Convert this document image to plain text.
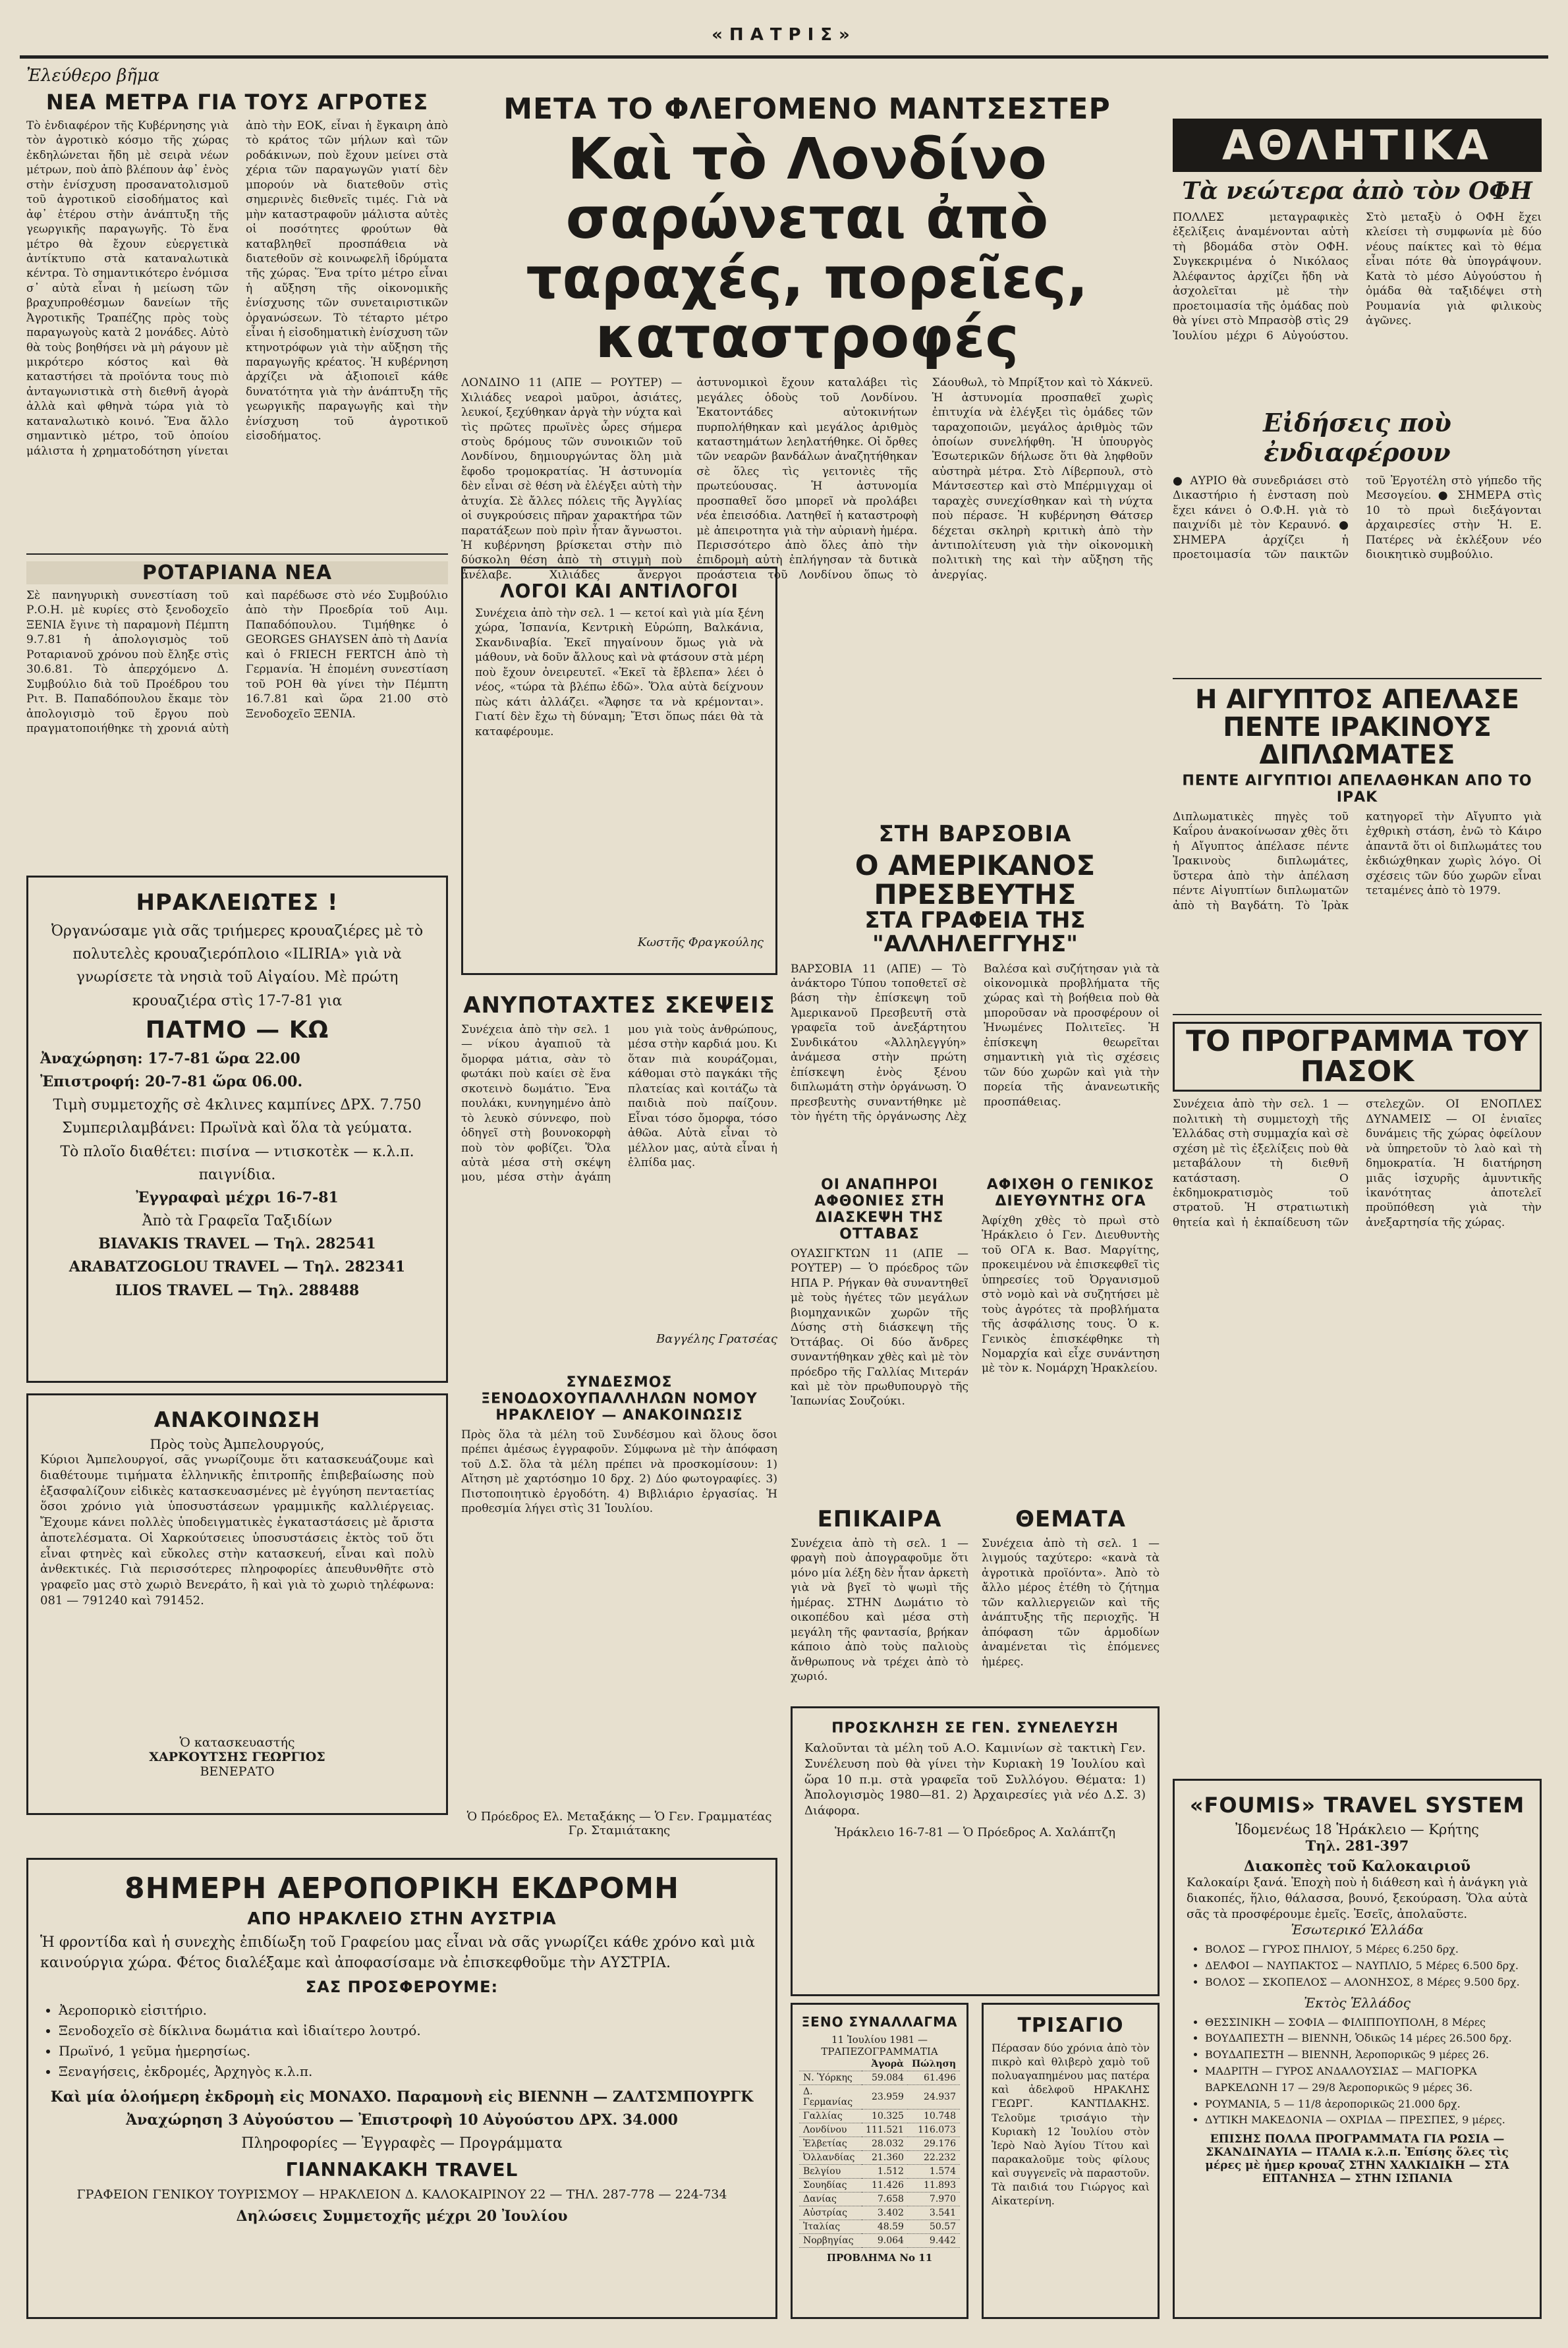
«ΠΑΤΡΙΣ»
Ἐλεύθερο βῆμα
ΝΕΑ ΜΕΤΡΑ ΓΙΑ ΤΟΥΣ ΑΓΡΟΤΕΣ
Τὸ ἐνδιαφέρον τῆς Κυβέρνησης γιὰ τὸν ἀγροτικὸ κόσμο τῆς χώρας ἐκδηλώνεται ἤδη μὲ σειρὰ νέων μέτρων, ποὺ ἀπὸ βλέπουν ἀφ᾿ ἑνὸς στὴν ἐνίσχυση προσανατολισμοῦ τοῦ ἀγροτικοῦ εἰσοδήματος καὶ ἀφ᾿ ἑτέρου στὴν ἀνάπτυξη τῆς γεωργικῆς παραγωγῆς. Τὸ ἕνα μέτρο θὰ ἔχουν εὐεργετικὰ ἀντίκτυπο στὰ καταναλωτικὰ κέντρα. Τὸ σημαντικότερο ἐνόμισα σ᾿ αὐτὰ εἶναι ἡ μείωση τῶν βραχυπροθέσμων δανείων τῆς Ἀγροτικῆς Τραπέζης πρὸς τοὺς παραγωγοὺς κατὰ 2 μονάδες. Αὐτὸ θὰ τοὺς βοηθήσει νὰ μὴ ράγουν μὲ μικρότερο κόστος καὶ θὰ καταστήσει τὰ προϊόντα τους πιὸ ἀνταγωνιστικὰ στὴ διεθνῆ ἀγορὰ ἀλλὰ καὶ φθηνὰ τώρα γιὰ τὸ καταναλωτικὸ κοινό. Ἕνα ἄλλο σημαντικὸ μέτρο, τοῦ ὁποίου μάλιστα ἡ χρηματοδότηση γίνεται ἀπὸ τὴν ΕΟΚ, εἶναι ἡ ἔγκαιρη ἀπὸ τὸ κράτος τῶν μήλων καὶ τῶν ροδάκινων, ποὺ ἔχουν μείνει στὰ χέρια τῶν παραγωγῶν γιατί δὲν μπορούν νὰ διατεθοῦν στὶς σημερινὲς διεθνεῖς τιμές. Γιὰ νὰ μὴν καταστραφοῦν μάλιστα αὐτὲς οἱ ποσότητες φρούτων θὰ καταβληθεῖ προσπάθεια νὰ διατεθοῦν σὲ κοινωφελῆ ἱδρύματα τῆς χώρας. Ἕνα τρίτο μέτρο εἶναι ἡ αὔξηση τῆς οἰκονομικῆς ἐνίσχυσης τῶν συνεταιριστικῶν ὀργανώσεων. Τὸ τέταρτο μέτρο εἶναι ἡ εἰσοδηματικὴ ἐνίσχυση τῶν κτηνοτρόφων γιὰ τὴν αὔξηση τῆς παραγωγῆς κρέατος. Ἡ κυβέρνηση ἀρχίζει νὰ ἀξιοποιεῖ κάθε δυνατότητα γιὰ τὴν ἀνάπτυξη τῆς γεωργικῆς παραγωγῆς καὶ τὴν ἐνίσχυση τοῦ ἀγροτικοῦ εἰσοδήματος.
ΡΟΤΑΡΙΑΝΑ ΝΕΑ
Σὲ πανηγυρικὴ συνεστίαση τοῦ Ρ.Ο.Η. μὲ κυρίες στὸ ξενοδοχεῖο ΞΕΝΙΑ ἔγινε τὴ παραμονὴ Πέμπτη 9.7.81 ἡ ἀπολογισμὸς τοῦ Ροταριανοῦ χρόνου ποὺ ἔληξε στὶς 30.6.81. Τὸ ἀπερχόμενο Δ. Συμβούλιο διὰ τοῦ Προέδρου του Ριτ. Β. Παπαδόπουλου ἔκαμε τὸν ἀπολογισμὸ τοῦ ἔργου ποὺ πραγματοποιήθηκε τὴ χρονιά αὐτὴ καὶ παρέδωσε στὸ νέο Συμβούλιο ἀπὸ τὴν Προεδρία τοῦ Αιμ. Παπαδόπουλου. Τιμήθηκε ὁ GEORGES GHAYSEN ἀπὸ τὴ Δανία καὶ ὁ FRIECH FERTCH ἀπὸ τὴ Γερμανία. Ἡ ἐπομένη συνεστίαση τοῦ ΡΟΗ θὰ γίνει τὴν Πέμπτη 16.7.81 καὶ ὥρα 21.00 στὸ Ξενοδοχεῖο ΞΕΝΙΑ.
ΗΡΑΚΛΕΙΩΤΕΣ !
Ὀργανώσαμε γιὰ σᾶς τριήμερες κρουαζιέρες μὲ τὸ πολυτελὲς κρουαζιερόπλοιο «ILIRIA» γιὰ νὰ γνωρίσετε τὰ νησιὰ τοῦ Αἰγαίου. Μὲ πρώτη κρουαζιέρα στὶς 17-7-81 για
ΠΑΤΜΟ — ΚΩ
Ἀναχώρηση: 17-7-81 ὥρα 22.00
Ἐπιστροφή: 20-7-81 ὥρα 06.00.
Τιμὴ συμμετοχῆς σὲ 4κλινες καμπίνες ΔΡΧ. 7.750
Συμπεριλαμβάνει: Πρωϊνὰ καὶ ὅλα τὰ γεύματα.
Τὸ πλοῖο διαθέτει: πισίνα — ντισκοτὲκ — κ.λ.π. παιγνίδια.
Ἐγγραφαὶ μέχρι 16-7-81
Ἀπὸ τὰ Γραφεῖα Ταξιδίων
BIAVAKIS TRAVEL — Τηλ. 282541
ARABATZOGLOU TRAVEL — Τηλ. 282341
ILIOS TRAVEL — Τηλ. 288488
ΑΝΑΚΟΙΝΩΣΗ
Πρὸς τοὺς Ἀμπελουργούς,

Κύριοι Ἀμπελουργοί, σᾶς γνωρίζουμε ὅτι κατασκευάζουμε καὶ διαθέτουμε τιμήματα ἑλληνικῆς ἐπιτροπῆς ἐπιβεβαίωσης ποὺ ἑξασφαλίζουν εἰδικὲς κατασκευασμένες μὲ ἐγγύηση πενταετίας ὅσοι χρόνιο γιὰ ὑποσυστάσεων γραμμικῆς καλλιέργειας. Ἔχουμε κάνει πολλὲς ὑποδειγματικὲς ἐγκαταστάσεις μὲ ἄριστα ἀποτελέσματα. Οἱ Χαρκούτσειες ὑποσυστάσεις ἐκτὸς τοῦ ὅτι εἶναι φτηνὲς καὶ εὔκολες στὴν κατασκευή, εἶναι καὶ πολὺ ἀνθεκτικές. Γιὰ περισσότερες πληροφορίες ἀπευθυνθῆτε στὸ γραφεῖο μας στὸ χωριὸ Βενεράτο, ἢ καὶ γιὰ τὸ χωριὸ τηλέφωνα: 081 — 791240 καὶ 791452.

Ὁ κατασκευαστής
ΧΑΡΚΟΥΤΣΗΣ ΓΕΩΡΓΙΟΣ
ΒΕΝΕΡΑΤΟ
8ΗΜΕΡΗ ΑΕΡΟΠΟΡΙΚΗ ΕΚΔΡΟΜΗ
ΑΠΟ ΗΡΑΚΛΕΙΟ ΣΤΗΝ ΑΥΣΤΡΙΑ
Ἡ φροντίδα καὶ ἡ συνεχὴς ἐπιδίωξη τοῦ Γραφείου μας εἶναι νὰ σᾶς γνωρίζει κάθε χρόνο καὶ μιὰ καινούργια χώρα. Φέτος διαλέξαμε καὶ ἀποφασίσαμε νὰ ἐπισκεφθοῦμε τὴν ΑΥΣΤΡΙΑ.
ΣΑΣ ΠΡΟΣΦΕΡΟΥΜΕ:
• Ἀεροπορικὸ εἰσιτήριο.
• Ξενοδοχεῖο σὲ δίκλινα δωμάτια καὶ ἰδιαίτερο λουτρό.
• Πρωϊνό, 1 γεῦμα ἡμερησίως.
• Ξεναγήσεις, ἐκδρομές, Ἀρχηγὸς κ.λ.π.
Καὶ μία ὁλοήμερη ἐκδρομὴ εἰς ΜΟΝΑΧΟ. Παραμονὴ εἰς ΒΙΕΝΝΗ — ΖΑΛΤΣΜΠΟΥΡΓΚ
Ἀναχώρηση 3 Αὐγούστου — Ἐπιστροφὴ 10 Αὐγούστου ΔΡΧ. 34.000
Πληροφορίες — Ἐγγραφὲς — Προγράμματα
ΓΙΑΝΝΑΚΑΚΗ TRAVEL
ΓΡΑΦΕΙΟΝ ΓΕΝΙΚΟΥ ΤΟΥΡΙΣΜΟΥ — ΗΡΑΚΛΕΙΟΝ Δ. ΚΑΛΟΚΑΙΡΙΝΟΥ 22 — ΤΗΛ. 287-778 — 224-734
Δηλώσεις Συμμετοχῆς μέχρι 20 Ἰουλίου
ΜΕΤΑ ΤΟ ΦΛΕΓΟΜΕΝΟ ΜΑΝΤΣΕΣΤΕΡ
Καὶ τὸ Λονδίνο σαρώνεται ἀπὸ
ταραχές, πορεῖες, καταστροφές
ΛΟΝΔΙΝΟ 11 (ΑΠΕ — ΡΟΥΤΕΡ) — Χιλιάδες νεαροὶ μαῦροι, ἀσιάτες, λευκοί, ξεχύθηκαν ἀργὰ τὴν νύχτα καὶ τὶς πρῶτες πρωϊνὲς ὧρες σήμερα στοὺς δρόμους τῶν συνοικιῶν τοῦ Λονδίνου, δημιουργώντας ὅλη μιὰ ἔφοδο τρομοκρατίας. Ἡ ἀστυνομία δὲν εἶναι σὲ θέση νὰ ἐλέγξει αὐτὴ τὴν ἀτυχία. Σὲ ἄλλες πόλεις τῆς Ἀγγλίας οἱ συγκρούσεις πῆραν χαρακτήρα τῶν παρατάξεων ποὺ πρὶν ἦταν ἄγνωστοι. Ἡ κυβέρνηση βρίσκεται στὴν πιὸ δύσκολη θέση ἀπὸ τὴ στιγμὴ ποὺ ἀνέλαβε. Χιλιάδες ἄνεργοι ἀστυνομικοὶ ἔχουν καταλάβει τὶς μεγάλες ὁδοὺς τοῦ Λονδίνου. Ἐκατοντάδες αὐτοκινήτων πυρπολήθηκαν καὶ μεγάλος ἀριθμὸς καταστημάτων λεηλατήθηκε. Οἱ ὄρθες τῶν νεαρῶν βανδάλων ἀναζητήθηκαν σὲ ὅλες τὶς γειτονιὲς τῆς πρωτεύουσας. Ἡ ἀστυνομία προσπαθεῖ ὅσο μπορεῖ νὰ προλάβει νέα ἐπεισόδια. Λατηθεῖ ἡ καταστροφὴ μὲ ἀπειροτητα γιὰ τὴν αὐριανὴ ἡμέρα. Περισσότερο ἀπὸ ὅλες ἀπὸ τὴν ἐπιδρομὴ αὐτὴ ἐπλήγησαν τὰ δυτικὰ προάστεια τοῦ Λονδίνου ὅπως τὸ Σάουθωλ, τὸ Μπρίξτον καὶ τὸ Χάκνεϋ. Ἡ ἀστυνομία προσπαθεῖ χωρὶς ἐπιτυχία νὰ ἐλέγξει τὶς ὀμάδες τῶν ταραχοποιῶν, μεγάλος ἀριθμὸς τῶν ὁποίων συνελήφθη. Ἡ ὑπουργὸς Ἐσωτερικῶν δήλωσε ὅτι θὰ ληφθοῦν αὐστηρὰ μέτρα. Στὸ Λίβερπουλ, στὸ Μάντσεστερ καὶ στὸ Μπέρμιγχαμ οἱ ταραχὲς συνεχίσθηκαν καὶ τὴ νύχτα ποὺ πέρασε. Ἡ κυβέρνηση Θάτσερ δέχεται σκληρὴ κριτικὴ ἀπὸ τὴν ἀντιπολίτευση γιὰ τὴν οἰκονομικὴ πολιτικὴ της καὶ τὴν αὔξηση τῆς ἀνεργίας.
ΛΟΓΟΙ ΚΑΙ ΑΝΤΙΛΟΓΟΙ

Συνέχεια ἀπὸ τὴν σελ. 1 — κετοί καὶ γιὰ μία ξένη χώρα, Ἰσπανία, Κεντρικὴ Εὐρώπη, Βαλκάνια, Σκανδιναβία. Ἐκεῖ πηγαίνουν ὅμως γιὰ νὰ μάθουν, νὰ δοῦν ἄλλους καὶ νὰ φτάσουν στὰ μέρη ποὺ ἔχουν ὀνειρευτεῖ. «Ἐκεῖ τὰ ἔβλεπα» λέει ὁ νέος, «τώρα τὰ βλέπω ἐδῶ». Ὅλα αὐτὰ δείχνουν πὼς κάτι ἀλλάζει. «Ἄφησε τα νὰ κρέμονται». Γιατί δὲν ἔχω τὴ δύναμη; Ἔτσι ὅπως πάει θὰ τὰ καταφέρουμε.

Κωστῆς Φραγκούλης
ΣΤΗ ΒΑΡΣΟΒΙΑ
Ο ΑΜΕΡΙΚΑΝΟΣ ΠΡΕΣΒΕΥΤΗΣ
ΣΤΑ ΓΡΑΦΕΙΑ ΤΗΣ "ΑΛΛΗΛΕΓΓΥΗΣ"
ΒΑΡΣΟΒΙΑ 11 (ΑΠΕ) — Τὸ ἀνάκτορο Τύπου τοποθετεῖ σὲ βάση τὴν ἐπίσκεψη τοῦ Ἀμερικανοῦ Πρεσβευτῆ στὰ γραφεῖα τοῦ ἀνεξάρτητου Συνδικάτου «Ἀλληλεγγύη» ἀνάμεσα στὴν πρώτη ἐπίσκεψη ἑνὸς ξένου διπλωμάτη στὴν ὀργάνωση. Ὁ πρεσβευτὴς συναντήθηκε μὲ τὸν ἡγέτη τῆς ὀργάνωσης Λὲχ Βαλέσα καὶ συζήτησαν γιὰ τὰ οἰκονομικὰ προβλήματα τῆς χώρας καὶ τὴ βοήθεια ποὺ θὰ μποροῦσαν νὰ προσφέρουν οἱ Ἡνωμένες Πολιτεῖες. Ἡ ἐπίσκεψη θεωρεῖται σημαντικὴ γιὰ τὶς σχέσεις τῶν δύο χωρῶν καὶ γιὰ τὴν πορεία τῆς ἀνανεωτικῆς προσπάθειας.
ΑΝΥΠΟΤΑΧΤΕΣ ΣΚΕΨΕΙΣ
Συνέχεια ἀπὸ τὴν σελ. 1 — νίκου ἀγαπιοῦ τὰ ὄμορφα μάτια, σὰν τὸ φωτάκι ποὺ καίει σὲ ἕνα σκοτεινὸ δωμάτιο. Ἔνα πουλάκι, κυνηγημένο ἀπὸ τὸ λευκὸ σύννεφο, ποὺ ὁδηγεῖ στὴ βουνοκορφὴ ποὺ τὸν φοβίζει. Ὅλα αὐτὰ μέσα στὴ σκέψη μου, μέσα στὴν ἀγάπη μου γιὰ τοὺς ἀνθρώπους, μέσα στὴν καρδιά μου. Κι ὅταν πιὰ κουράζομαι, κάθομαι στὸ παγκάκι τῆς πλατείας καὶ κοιτάζω τὰ παιδιὰ ποὺ παίζουν. Εἶναι τόσο ὄμορφα, τόσο ἀθῶα. Αὐτὰ εἶναι τὸ μέλλον μας, αὐτὰ εἶναι ἡ ἐλπίδα μας.
Βαγγέλης Γρατσέας
ΟΙ ΑΝΑΠΗΡΟΙ ΑΦΘΟΝΙΕΣ ΣΤΗ ΔΙΑΣΚΕΨΗ ΤΗΣ ΟΤΤΑΒΑΣ

ΟΥΑΣΙΓΚΤΩΝ 11 (ΑΠΕ — ΡΟΥΤΕΡ) — Ὁ πρόεδρος τῶν ΗΠΑ Ρ. Ρήγκαν θὰ συναντηθεῖ μὲ τοὺς ἡγέτες τῶν μεγάλων βιομηχανικῶν χωρῶν τῆς Δύσης στὴ διάσκεψη τῆς Ὀττάβας. Οἱ δύο ἄνδρες συναντήθηκαν χθὲς καὶ μὲ τὸν πρόεδρο τῆς Γαλλίας Μιτεράν καὶ μὲ τὸν πρωθυπουργὸ τῆς Ἰαπωνίας Σουζούκι.

ΑΦΙΧΘΗ Ο ΓΕΝΙΚΟΣ ΔΙΕΥΘΥΝΤΗΣ ΟΓΑ

Ἀφίχθη χθὲς τὸ πρωὶ στὸ Ἡράκλειο ὁ Γεν. Διευθυντὴς τοῦ ΟΓΑ κ. Βασ. Μαργίτης, προκειμένου νὰ ἐπισκεφθεῖ τὶς ὑπηρεσίες τοῦ Ὀργανισμοῦ στὸ νομὸ καὶ νὰ συζητήσει μὲ τοὺς ἀγρότες τὰ προβλήματα τῆς ἀσφάλισης τους. Ὁ κ. Γενικὸς ἐπισκέφθηκε τὴ Νομαρχία καὶ εἶχε συνάντηση μὲ τὸν κ. Νομάρχη Ἡρακλείου.

ΣΥΝΔΕΣΜΟΣ ΞΕΝΟΔΟΧΟΥΠΑΛΛΗΛΩΝ ΝΟΜΟΥ ΗΡΑΚΛΕΙΟΥ — ΑΝΑΚΟΙΝΩΣΙΣ

Πρὸς ὅλα τὰ μέλη τοῦ Συνδέσμου καὶ ὅλους ὅσοι πρέπει ἀμέσως ἐγγραφοῦν. Σύμφωνα μὲ τὴν ἀπόφαση τοῦ Δ.Σ. ὅλα τὰ μέλη πρέπει νὰ προσκομίσουν: 1) Αἴτηση μὲ χαρτόσημο 10 δρχ. 2) Δύο φωτογραφίες. 3) Πιστοποιητικὸ ἐργοδότη. 4) Βιβλιάριο ἐργασίας. Ἡ προθεσμία λήγει στὶς 31 Ἰουλίου.

Ὁ Πρόεδρος Ελ. Μεταξάκης — Ὁ Γεν. Γραμματέας Γρ. Σταμιάτακης
ΕΠΙΚΑΙΡΑ

Συνέχεια ἀπὸ τὴ σελ. 1 — φραγὴ ποὺ ἀπογραφοῦμε ὅτι μόνο μία λέξη δὲν ἦταν ἀρκετὴ γιὰ νὰ βγεῖ τὸ ψωμὶ τῆς ἡμέρας. ΣΤΗΝ Δωμάτιο τὸ οικοπέδου καὶ μέσα στὴ μεγάλη τῆς φαντασία, βρήκαν κάποιο ἀπὸ τοὺς παλιοὺς ἄνθρωπους νὰ τρέχει ἀπὸ τὸ χωριό.

ΘΕΜΑΤΑ

Συνέχεια ἀπὸ τὴ σελ. 1 — λιγμούς ταχύτερο: «κανὰ τὰ ἀγροτικὰ προϊόντα». Ἀπὸ τὸ ἄλλο μέρος ἐτέθη τὸ ζήτημα τῶν καλλιεργειῶν καὶ τῆς ἀνάπτυξης τῆς περιοχῆς. Ἡ ἀπόφαση τῶν ἁρμοδίων ἀναμένεται τὶς ἑπόμενες ἡμέρες.

ΠΡΟΣΚΛΗΣΗ ΣΕ ΓΕΝ. ΣΥΝΕΛΕΥΣΗ

Καλοῦνται τὰ μέλη τοῦ Α.Ο. Καμινίων σὲ τακτικὴ Γεν. Συνέλευση ποὺ θὰ γίνει τὴν Κυριακὴ 19 Ἰουλίου καὶ ὥρα 10 π.μ. στὰ γραφεῖα τοῦ Συλλόγου. Θέματα: 1) Ἀπολογισμὸς 1980—81. 2) Ἀρχαιρεσίες γιὰ νέο Δ.Σ. 3) Διάφορα.

Ἡράκλειο 16-7-81 — Ὁ Πρόεδρος Α. Χαλάπτζη
ΞΕΝΟ ΣΥΝΑΛΛΑΓΜΑ
11 Ἰουλίου 1981 — ΤΡΑΠΕΖΟΓΡΑΜΜΑΤΙΑ
	Ἀγορὰ	Πώληση
Ν. Ὑόρκης	59.084	61.496
Δ. Γερμανίας	23.959	24.937
Γαλλίας	10.325	10.748
Λονδίνου	111.521	116.073
Ἐλβετίας	28.032	29.176
Ὀλλανδίας	21.360	22.232
Βελγίου	1.512	1.574
Σουηδίας	11.426	11.893
Δανίας	7.658	7.970
Αὐστρίας	3.402	3.541
Ἰταλίας	48.59	50.57
Νορβηγίας	9.064	9.442
ΠΡΟΒΛΗΜΑ Νο 11
ΤΡΙΣΑΓΙΟ

Πέρασαν δύο χρόνια ἀπὸ τὸν πικρὸ καὶ θλιβερὸ χαμὸ τοῦ πολυαγαπημένου μας πατέρα καὶ ἀδελφοῦ ΗΡΑΚΛΗΣ ΓΕΩΡΓ. ΚΑΝΤΙΔΑΚΗΣ. Τελοῦμε τρισάγιο τὴν Κυριακὴ 12 Ἰουλίου στὸν Ἱερὸ Ναὸ Ἁγίου Τίτου καὶ παρακαλοῦμε τοὺς φίλους καὶ συγγενεῖς νὰ παραστοῦν. Τὰ παιδιά του Γιώργος καὶ Αἰκατερίνη.

ΑΘΛΗΤΙΚΑ
Τὰ νεώτερα ἀπὸ τὸν ΟΦΗ
ΠΟΛΛΕΣ μεταγραφικὲς ἐξελίξεις ἀναμένονται αὐτὴ τὴ βδομάδα στὸν ΟΦΗ. Συγκεκριμένα ὁ Νικόλαος Ἀλέφαντος ἀρχίζει ἤδη νὰ ἀσχολεῖται μὲ τὴν προετοιμασία τῆς ὁμάδας ποὺ θὰ γίνει στὸ Μπρασὸβ στὶς 29 Ἰουλίου μέχρι 6 Αὐγούστου. Στὸ μεταξὺ ὁ ΟΦΗ ἔχει κλείσει τὴ συμφωνία μὲ δύο νέους παίκτες καὶ τὸ θέμα εἶναι πότε θὰ ὑπογράψουν. Κατὰ τὸ μέσο Αὐγούστου ἡ ὁμάδα θὰ ταξιδέψει στὴ Ρουμανία γιὰ φιλικοὺς ἀγῶνες.
Εἰδήσεις ποὺ ἐνδιαφέρουν
● ΑΥΡΙΟ θὰ συνεδριάσει στὸ Δικαστήριο ἡ ἐνσταση ποὺ ἔχει κάνει ὁ Ο.Φ.Η. γιὰ τὸ παιχνίδι μὲ τὸν Κεραυνό. ● ΣΗΜΕΡΑ ἀρχίζει ἡ προετοιμασία τῶν παικτῶν τοῦ Ἐργοτέλη στὸ γήπεδο τῆς Μεσογείου. ● ΣΗΜΕΡΑ στὶς 10 τὸ πρωὶ διεξάγονται ἀρχαιρεσίες στὴν Ἡ. Ε. Πατέρες νὰ ἐκλέξουν νέο διοικητικὸ συμβούλιο.
Η ΑΙΓΥΠΤΟΣ ΑΠΕΛΑΣΕ ΠΕΝΤΕ ΙΡΑΚΙΝΟΥΣ ΔΙΠΛΩΜΑΤΕΣ
ΠΕΝΤΕ ΑΙΓΥΠΤΙΟΙ ΑΠΕΛΑΘΗΚΑΝ ΑΠΟ ΤΟ ΙΡΑΚ
Διπλωματικὲς πηγὲς τοῦ Καΐρου ἀνακοίνωσαν χθὲς ὅτι ἡ Αἴγυπτος ἀπέλασε πέντε Ἰρακινοὺς διπλωμάτες, ὕστερα ἀπὸ τὴν ἀπέλαση πέντε Αἰγυπτίων διπλωματῶν ἀπὸ τὴ Βαγδάτη. Τὸ Ἰρὰκ κατηγορεῖ τὴν Αἴγυπτο γιὰ ἐχθρικὴ στάση, ἐνῶ τὸ Κάιρο ἀπαντᾶ ὅτι οἱ διπλωμάτες του ἐκδιώχθηκαν χωρὶς λόγο. Οἱ σχέσεις τῶν δύο χωρῶν εἶναι τεταμένες ἀπὸ τὸ 1979.
ΤΟ ΠΡΟΓΡΑΜΜΑ ΤΟΥ ΠΑΣΟΚ
Συνέχεια ἀπὸ τὴν σελ. 1 — πολιτικὴ τὴ συμμετοχὴ τῆς Ἑλλάδας στὴ συμμαχία καὶ σὲ σχέση μὲ τὶς ἐξελίξεις ποὺ θὰ μεταβάλουν τὴ διεθνῆ κατάσταση. Ο ἐκδημοκρατισμὸς τοῦ στρατοῦ. Ἡ στρατιωτικὴ θητεία καὶ ἡ ἐκπαίδευση τῶν στελεχῶν. ΟΙ ΕΝΟΠΛΕΣ ΔΥΝΑΜΕΙΣ — ΟΙ ἐνιαῖες δυνάμεις τῆς χώρας ὀφείλουν νὰ ὑπηρετοῦν τὸ λαὸ καὶ τὴ δημοκρατία. Ἡ διατήρηση μιᾶς ἰσχυρῆς ἀμυντικῆς ἱκανότητας ἀποτελεῖ προϋπόθεση γιὰ τὴν ἀνεξαρτησία τῆς χώρας.
«FOUMIS» TRAVEL SYSTEM
Ἰδομενέως 18 Ἡράκλειο — Κρήτης
Τηλ. 281-397
Διακοπὲς τοῦ Καλοκαιριοῦ

Καλοκαίρι ξανά. Ἐποχὴ ποὺ ἡ διάθεση καὶ ἡ ἀνάγκη γιὰ διακοπές, ἥλιο, θάλασσα, βουνό, ξεκούραση. Ὅλα αὐτὰ σᾶς τὰ προσφέρουμε ἐμεῖς. Ἐσεῖς, ἀπολαῦστε.

Ἐσωτερικό Ἑλλάδα
• ΒΟΛΟΣ — ΓΥΡΟΣ ΠΗΛΙΟΥ, 5 Μέρες 6.250 δρχ.
• ΔΕΛΦΟΙ — ΝΑΥΠΑΚΤΟΣ — ΝΑΥΠΛΙΟ, 5 Μέρες 6.500 δρχ.
• ΒΟΛΟΣ — ΣΚΟΠΕΛΟΣ — ΑΛΟΝΗΣΟΣ, 8 Μέρες 9.500 δρχ.
Ἐκτὸς Ἑλλάδος
• ΘΕΣΣΙΝΙΚΗ — ΣΟΦΙΑ — ΦΙΛΙΠΠΟΥΠΟΛΗ, 8 Μέρες
• ΒΟΥΔΑΠΕΣΤΗ — ΒΙΕΝΝΗ, Ὁδικῶς 14 μέρες 26.500 δρχ.
• ΒΟΥΔΑΠΕΣΤΗ — ΒΙΕΝΝΗ, Ἀεροπορικῶς 9 μέρες 26.
• ΜΑΔΡΙΤΗ — ΓΥΡΟΣ ΑΝΔΑΛΟΥΣΙΑΣ — ΜΑΓΙΟΡΚΑ ΒΑΡΚΕΛΩΝΗ 17 — 29/8 Ἀεροπορικῶς 9 μέρες 36.
• ΡΟΥΜΑΝΙΑ, 5 — 11/8 ἀεροπορικῶς 21.000 δρχ.
• ΔΥΤΙΚΗ ΜΑΚΕΔΟΝΙΑ — ΟΧΡΙΔΑ — ΠΡΕΣΠΕΣ, 9 μέρες.
ΕΠΙΣΗΣ ΠΟΛΛΑ ΠΡΟΓΡΑΜΜΑΤΑ ΓΙΑ ΡΩΣΙΑ — ΣΚΑΝΔΙΝΑΥΙΑ — ΙΤΑΛΙΑ κ.λ.π. Ἐπίσης ὅλες τὶς μέρες μὲ ἡμερ κρουαζ ΣΤΗΝ ΧΑΛΚΙΔΙΚΗ — ΣΤΑ ΕΠΤΑΝΗΣΑ — ΣΤΗΝ ΙΣΠΑΝΙΑ
